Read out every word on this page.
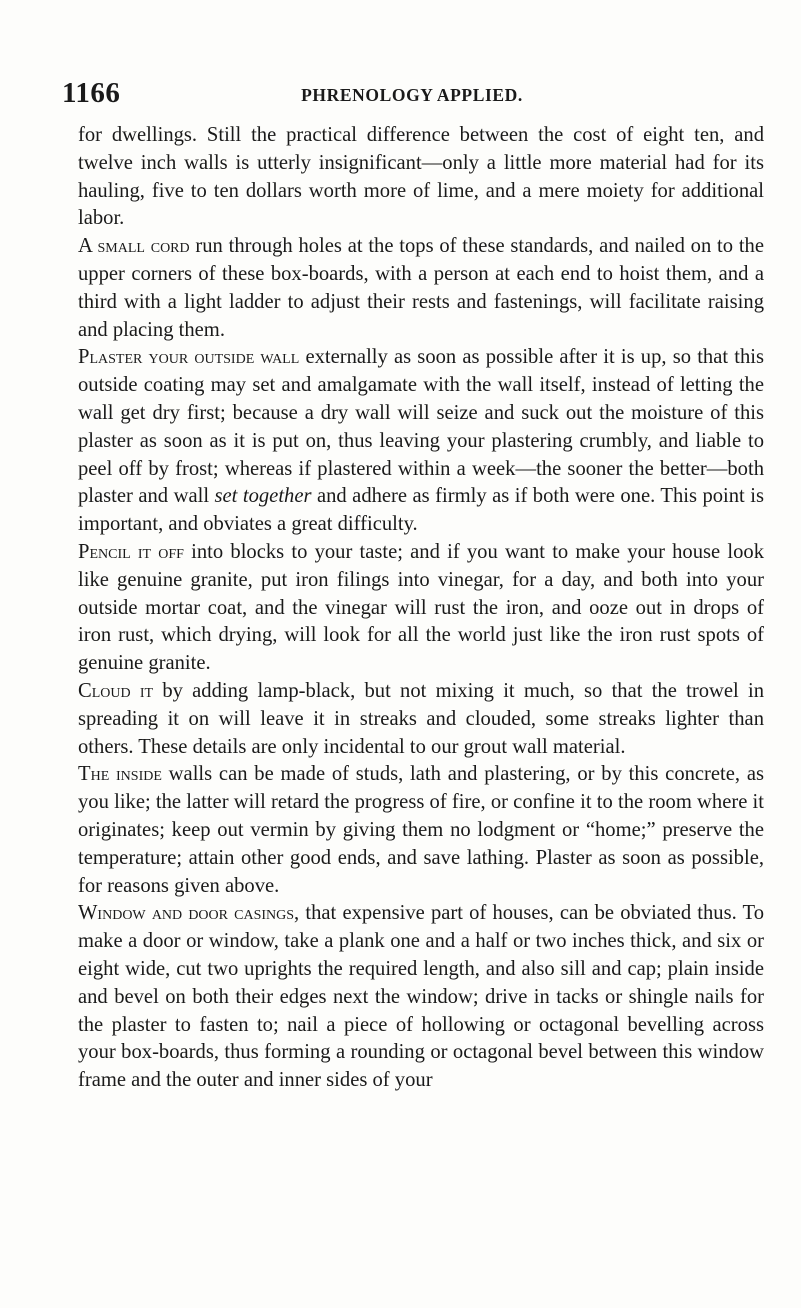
1166	PHRENOLOGY APPLIED.

for dwellings. Still the practical difference between the cost of eight ten, and twelve inch walls is utterly insignificant—only a little more material had for its hauling, five to ten dollars worth more of lime, and a mere moiety for additional labor.

A small cord run through holes at the tops of these standards, and nailed on to the upper corners of these box-boards, with a person at each end to hoist them, and a third with a light ladder to adjust their rests and fastenings, will facilitate raising and placing them.

Plaster your outside wall externally as soon as possible after it is up, so that this outside coating may set and amalgamate with the wall itself, instead of letting the wall get dry first; because a dry wall will seize and suck out the moisture of this plaster as soon as it is put on, thus leaving your plastering crumbly, and liable to peel off by frost; whereas if plastered within a week—the sooner the better—both plaster and wall set together and adhere as firmly as if both were one. This point is important, and obviates a great difficulty.

Pencil it off into blocks to your taste; and if you want to make your house look like genuine granite, put iron filings into vinegar, for a day, and both into your outside mortar coat, and the vinegar will rust the iron, and ooze out in drops of iron rust, which drying, will look for all the world just like the iron rust spots of genuine granite.

Cloud it by adding lamp-black, but not mixing it much, so that the trowel in spreading it on will leave it in streaks and clouded, some streaks lighter than others. These details are only incidental to our grout wall material.

The inside walls can be made of studs, lath and plastering, or by this concrete, as you like; the latter will retard the progress of fire, or confine it to the room where it originates; keep out vermin by giving them no lodgment or “home;” preserve the temperature; attain other good ends, and save lathing. Plaster as soon as possible, for reasons given above.

Window and door casings, that expensive part of houses, can be obviated thus. To make a door or window, take a plank one and a half or two inches thick, and six or eight wide, cut two uprights the required length, and also sill and cap; plain inside and bevel on both their edges next the window; drive in tacks or shingle nails for the plaster to fasten to; nail a piece of hollowing or octagonal bevelling across your box-boards, thus forming a rounding or octagonal bevel between this window frame and the outer and inner sides of your
